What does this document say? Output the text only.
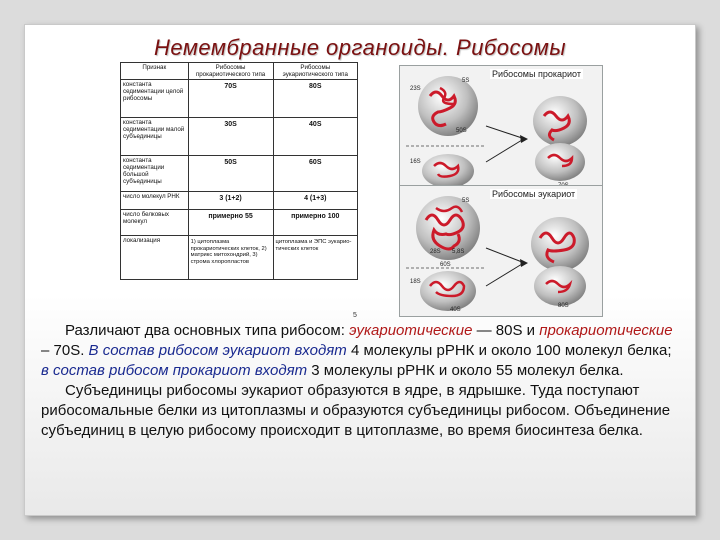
Немембранные органоиды. Рибосомы
Признак	Рибосомы прокариотического типа	Рибосомы эукариотического типа
константа седиментации целой рибосомы	70S	80S
константа седиментации малой субъединицы	30S	40S
константа седиментации большой субъединицы	50S	60S
число молекул РНК	3 (1+2)	4 (1+3)
число белковых молекул	примерно 55	примерно 100
локализация	1) цитоплазма прокариотических клеток, 2) матрикс митохондрий, 3) строма хлоропластов	цитоплазма и ЭПС эукарио-тических клеток
5
Рибосомы прокариот
5S
23S
50S
16S
Рибосомы эукариот
5S
28S 5,8S
60S
18S
40S
80S

Различают два основных типа рибосом: эукариотические — 80S и прокариотические – 70S. В состав рибосом эукариот входят 4 молекулы рРНК и около 100 молекул белка; в состав рибосом прокариот входят 3 молекулы рРНК и около 55 молекул белка.

Субъединицы рибосомы эукариот образуются в ядре, в ядрышке. Туда поступают рибосомальные белки из цитоплазмы и образуются субъединицы рибосом. Объединение субъединиц в целую рибосому происходит в цитоплазме, во время биосинтеза белка.
